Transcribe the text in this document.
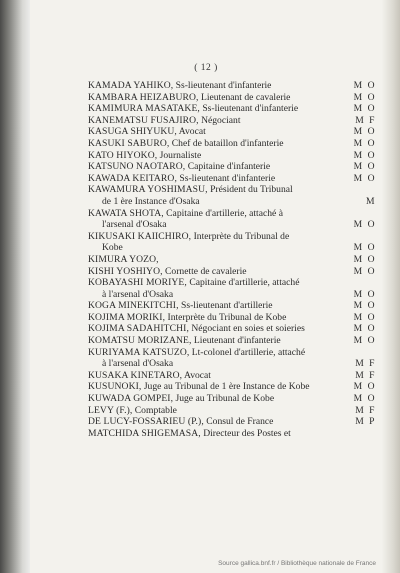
( 12 )
KAMADA YAHIKO, Ss-lieutenant d'infanterie	M O
KAMBARA HEIZABURO, Lieutenant de cavalerie	M O
KAMIMURA MASATAKE, Ss-lieutenant d'infanterie	M O
KANEMATSU FUSAJIRO, Négociant	M F
KASUGA SHIYUKU, Avocat	M O
KASUKI SABURO, Chef de bataillon d'infanterie	M O
KATO HIYOKO, Journaliste	M O
KATSUNO NAOTARO, Capitaine d'infanterie	M O
KAWADA KEITARO, Ss-lieutenant d'infanterie	M O
KAWAMURA YOSHIMASU, Président du Tribunal
de 1 ère Instance d'Osaka	M
KAWATA SHOTA, Capitaine d'artillerie, attaché à
l'arsenal d'Osaka	M O
KIKUSAKI KAIICHIRO, Interprète du Tribunal de
Kobe	M O
KIMURA YOZO,	M O
KISHI YOSHIYO, Cornette de cavalerie	M O
KOBAYASHI MORIYE, Capitaine d'artillerie, attaché
à l'arsenal d'Osaka	M O
KOGA MINEKITCHI, Ss-lieutenant d'artillerie	M O
KOJIMA MORIKI, Interprète du Tribunal de Kobe	M O
KOJIMA SADAHITCHI, Négociant en soies et soieries	M O
KOMATSU MORIZANE, Lieutenant d'infanterie	M O
KURIYAMA KATSUZO, Lt-colonel d'artillerie, attaché
à l'arsenal d'Osaka	M F
KUSAKA KINETARO, Avocat	M F
KUSUNOKI, Juge au Tribunal de 1 ère Instance de Kobe	M O
KUWADA GOMPEI, Juge au Tribunal de Kobe	M O
LEVY (F.), Comptable	M F
DE LUCY-FOSSARIEU (P.), Consul de France	M P
MATCHIDA SHIGEMASA, Directeur des Postes et
Source gallica.bnf.fr / Bibliothèque nationale de France
